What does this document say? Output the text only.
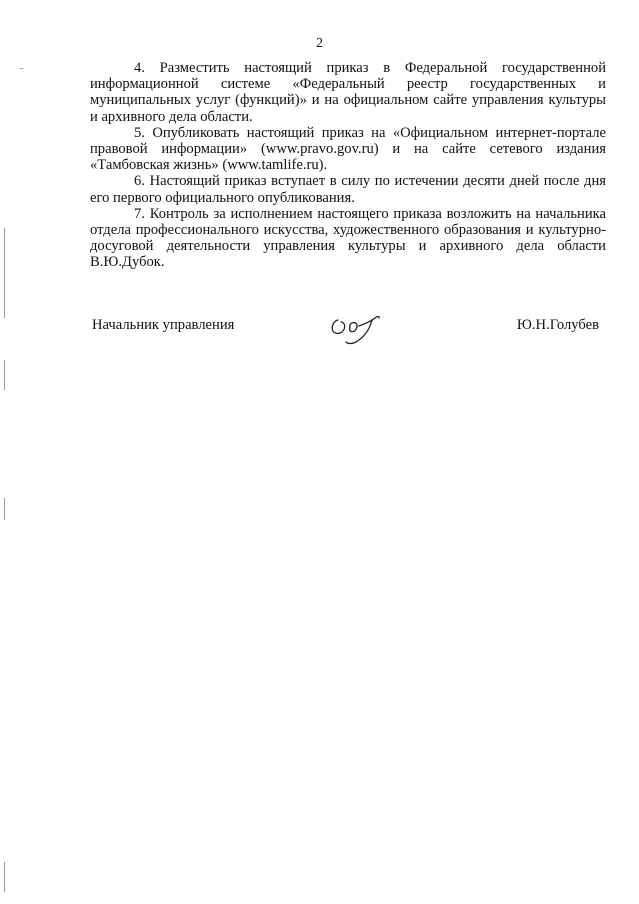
2

4. Разместить настоящий приказ в Федеральной государственной информационной системе «Федеральный реестр государственных и муниципальных услуг (функций)» и на официальном сайте управления культуры и архивного дела области.

5. Опубликовать настоящий приказ на «Официальном интернет-портале правовой информации» (www.pravo.gov.ru) и на сайте сетевого издания «Тамбовская жизнь» (www.tamlife.ru).

6. Настоящий приказ вступает в силу по истечении десяти дней после дня его первого официального опубликования.

7. Контроль за исполнением настоящего приказа возложить на начальника отдела профессионального искусства, художественного образования и культурно-досуговой деятельности управления культуры и архивного дела области В.Ю.Дубок.

Начальник управления	Ю.Н.Голубев
